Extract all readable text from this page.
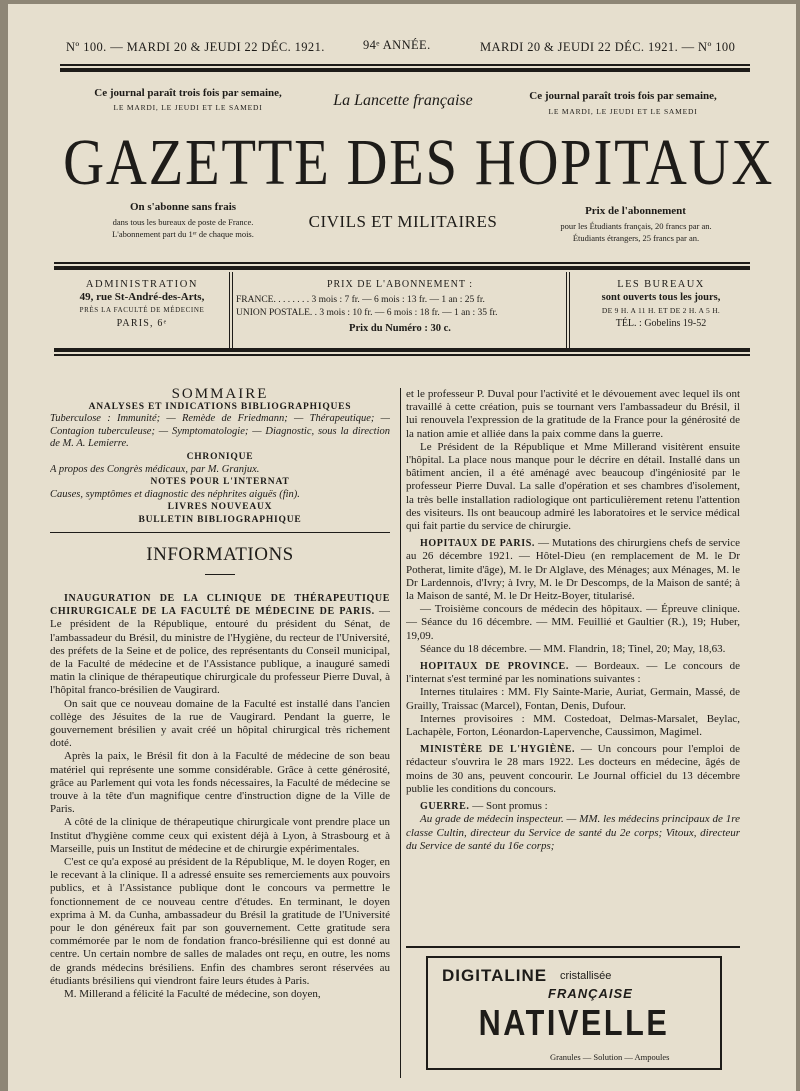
Nº 100. — MARDI 20 & JEUDI 22 DÉC. 1921.	94ᵉ ANNÉE.	MARDI 20 & JEUDI 22 DÉC. 1921. — Nº 100
Ce journal paraît trois fois par semaine,
LE MARDI, LE JEUDI ET LE SAMEDI	La Lancette française	Ce journal paraît trois fois par semaine,
LE MARDI, LE JEUDI ET LE SAMEDI
GAZETTE DES HOPITAUX
On s'abonne sans frais
dans tous les bureaux de poste de France.
L'abonnement part du 1ᵉʳ de chaque mois.
CIVILS ET MILITAIRES
Prix de l'abonnement
pour les Étudiants français, 20 francs par an.
Étudiants étrangers, 25 francs par an.
ADMINISTRATION
49, rue St-André-des-Arts,
PRÈS LA FACULTÉ DE MÉDECINE
PARIS, 6ᵉ
PRIX DE L'ABONNEMENT :
FRANCE. . . . . . . . 3 mois : 7 fr. — 6 mois : 13 fr. — 1 an : 25 fr.
UNION POSTALE. . 3 mois : 10 fr. — 6 mois : 18 fr. — 1 an : 35 fr.
Prix du Numéro : 30 c.
LES BUREAUX
sont ouverts tous les jours,
DE 9 H. A 11 H. ET DE 2 H. A 5 H.
TÉL. : Gobelins 19-52
SOMMAIRE
ANALYSES ET INDICATIONS BIBLIOGRAPHIQUES
Tuberculose : Immunité; — Remède de Friedmann; — Thérapeutique; — Contagion tuberculeuse; — Symptomatologie; — Diagnostic, sous la direction de M. A. Lemierre.
CHRONIQUE
A propos des Congrès médicaux, par M. Granjux.
NOTES POUR L'INTERNAT
Causes, symptômes et diagnostic des néphrites aiguës (fin).
LIVRES NOUVEAUX
BULLETIN BIBLIOGRAPHIQUE
INFORMATIONS

INAUGURATION DE LA CLINIQUE DE THÉRAPEUTIQUE CHIRURGICALE DE LA FACULTÉ DE MÉDECINE DE PARIS. — Le président de la République, entouré du président du Sénat, de l'ambassadeur du Brésil, du ministre de l'Hygiène, du recteur de l'Université, des préfets de la Seine et de police, des représentants du Conseil municipal, de la Faculté de médecine et de l'Assistance publique, a inauguré samedi matin la clinique de thérapeutique chirurgicale du professeur Pierre Duval, à l'hôpital franco-brésilien de Vaugirard.

On sait que ce nouveau domaine de la Faculté est installé dans l'ancien collège des Jésuites de la rue de Vaugirard. Pendant la guerre, le gouvernement brésilien y avait créé un hôpital chirurgical très richement doté.

Après la paix, le Brésil fit don à la Faculté de médecine de son beau matériel qui représente une somme considérable. Grâce à cette générosité, grâce au Parlement qui vota les fonds nécessaires, la Faculté de médecine se trouve à la tête d'un magnifique centre d'instruction digne de la Ville de Paris.

A côté de la clinique de thérapeutique chirurgicale vont prendre place un Institut d'hygiène comme ceux qui existent déjà à Lyon, à Strasbourg et à Marseille, puis un Institut de médecine et de chirurgie expérimentales.

C'est ce qu'a exposé au président de la République, M. le doyen Roger, en le recevant à la clinique. Il a adressé ensuite ses remerciements aux pouvoirs publics, et à l'Assistance publique dont le concours va permettre le fonctionnement de ce nouveau centre d'études. En terminant, le doyen exprima à M. da Cunha, ambassadeur du Brésil la gratitude de l'Université pour le don généreux fait par son gouvernement. Cette gratitude sera commémorée par le nom de fondation franco-brésilienne qui est donné au centre. Un certain nombre de salles de malades ont reçu, en outre, les noms de grands médecins brésiliens. Enfin des chambres seront réservées au étudiants brésiliens qui viendront faire leurs études à Paris.

M. Millerand a félicité la Faculté de médecine, son doyen,

et le professeur P. Duval pour l'activité et le dévouement avec lequel ils ont travaillé à cette création, puis se tournant vers l'ambassadeur du Brésil, il lui renouvela l'expression de la gratitude de la France pour la générosité de la nation amie et alliée dans la paix comme dans la guerre.

Le Président de la République et Mme Millerand visitèrent ensuite l'hôpital. La place nous manque pour le décrire en détail. Installé dans un bâtiment ancien, il a été aménagé avec beaucoup d'ingéniosité par le professeur Pierre Duval. La salle d'opération et ses chambres d'isolement, la très belle installation radiologique ont particulièrement retenu l'attention des visiteurs. Ils ont beaucoup admiré les laboratoires et le service médical qui fait partie du service de chirurgie.

HOPITAUX DE PARIS. — Mutations des chirurgiens chefs de service au 26 décembre 1921. — Hôtel-Dieu (en remplacement de M. le Dr Potherat, limite d'âge), M. le Dr Alglave, des Ménages; aux Ménages, M. le Dr Lardennois, d'Ivry; à Ivry, M. le Dr Descomps, de la Maison de santé; à la Maison de santé, M. le Dr Heitz-Boyer, titularisé.

— Troisième concours de médecin des hôpitaux. — Épreuve clinique. — Séance du 16 décembre. — MM. Feuillié et Gaultier (R.), 19; Huber, 19,09.

Séance du 18 décembre. — MM. Flandrin, 18; Tinel, 20; May, 18,63.

HOPITAUX DE PROVINCE. — Bordeaux. — Le concours de l'internat s'est terminé par les nominations suivantes :

Internes titulaires : MM. Fly Sainte-Marie, Auriat, Germain, Massé, de Grailly, Traissac (Marcel), Fontan, Denis, Dufour.

Internes provisoires : MM. Costedoat, Delmas-Marsalet, Beylac, Lachapèle, Forton, Léonardon-Lapervenche, Caussimon, Magimel.

MINISTÈRE DE L'HYGIÈNE. — Un concours pour l'emploi de rédacteur s'ouvrira le 28 mars 1922. Les docteurs en médecine, âgés de moins de 30 ans, peuvent concourir. Le Journal officiel du 13 décembre publie les conditions du concours.

GUERRE. — Sont promus :

Au grade de médecin inspecteur. — MM. les médecins principaux de 1re classe Cultin, directeur du Service de santé du 2e corps; Vitoux, directeur du Service de santé du 16e corps;

DIGITALINE cristallisée
FRANÇAISE
NATIVELLE
Granules — Solution — Ampoules
